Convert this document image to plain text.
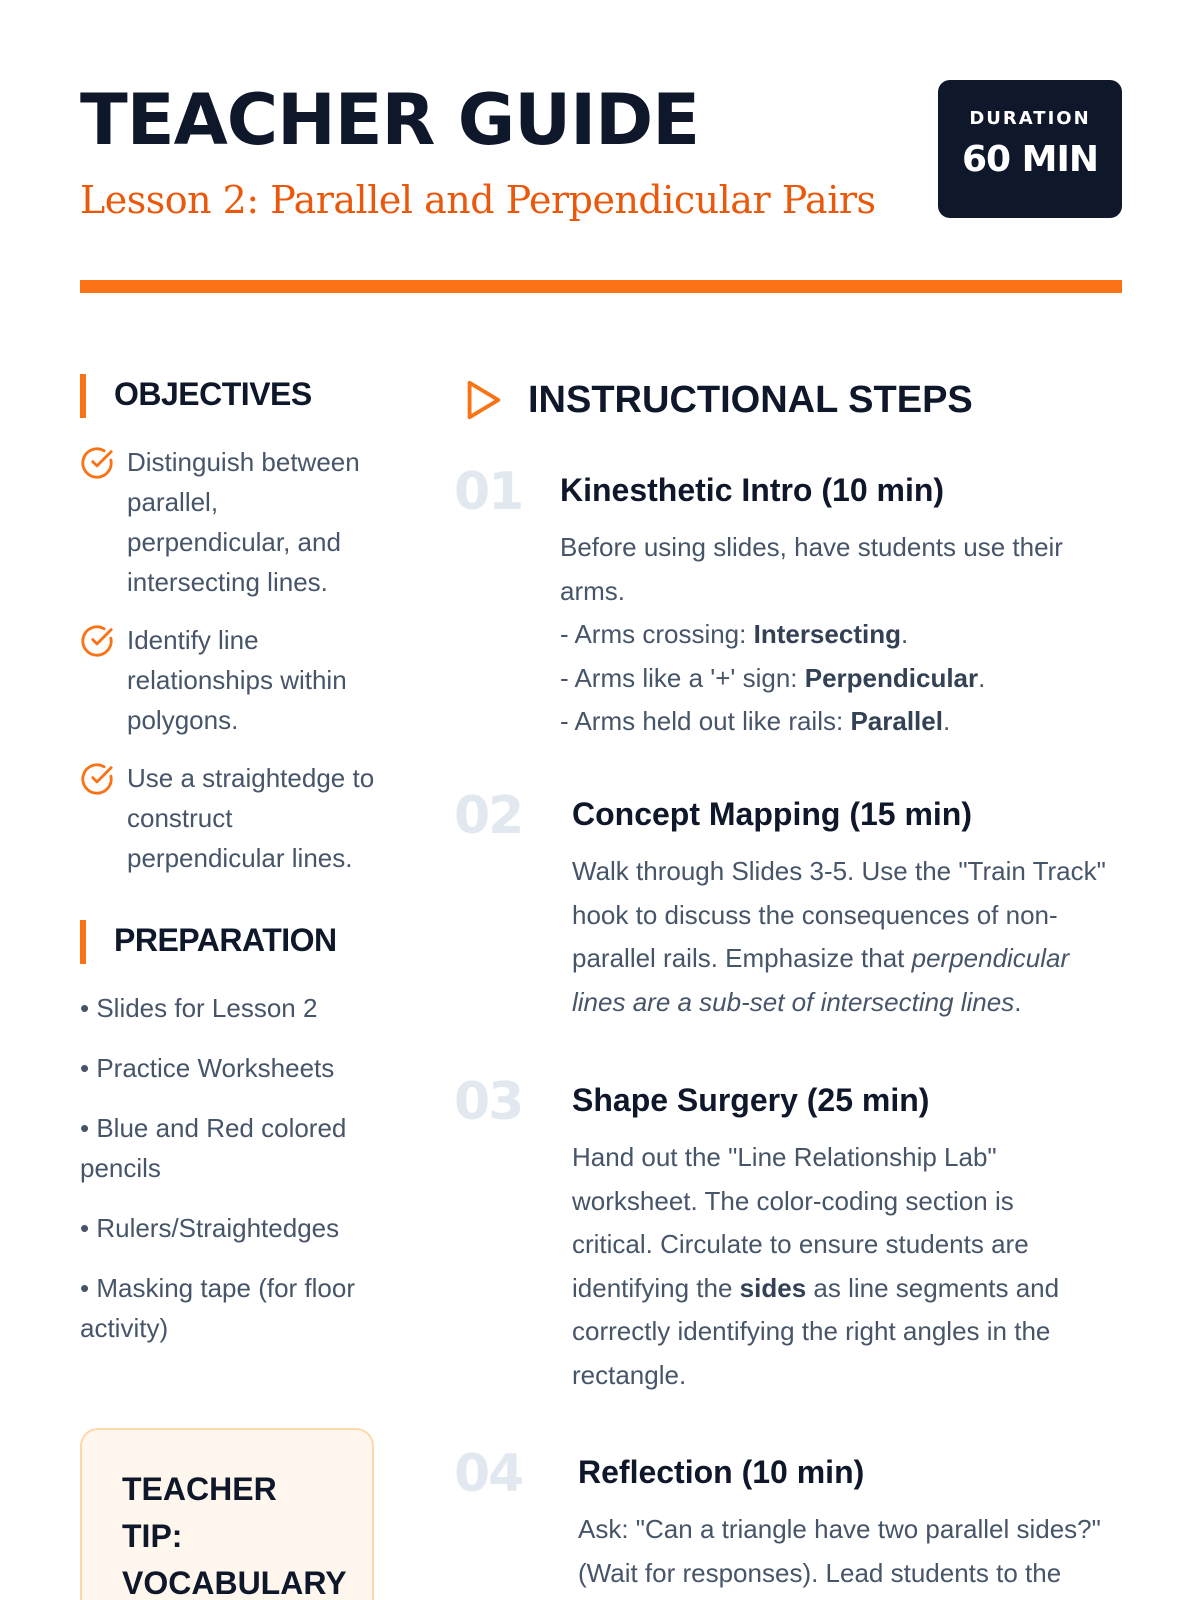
TEACHER GUIDE
Lesson 2: Parallel and Perpendicular Pairs
DURATION
60 MIN
OBJECTIVES
Distinguish between parallel, perpendicular, and intersecting lines.
Identify line relationships within polygons.
Use a straightedge to construct perpendicular lines.
PREPARATION
• Slides for Lesson 2
• Practice Worksheets
• Blue and Red colored pencils
• Rulers/Straightedges
• Masking tape (for floor activity)
TEACHER TIP: VOCABULARY
INSTRUCTIONAL STEPS
01 Kinesthetic Intro (10 min)

Before using slides, have students use their arms.
- Arms crossing: Intersecting.
- Arms like a '+' sign: Perpendicular.
- Arms held out like rails: Parallel.

02 Concept Mapping (15 min)

Walk through Slides 3-5. Use the "Train Track" hook to discuss the consequences of non-parallel rails. Emphasize that perpendicular lines are a sub-set of intersecting lines.

03 Shape Surgery (25 min)

Hand out the "Line Relationship Lab" worksheet. The color-coding section is critical. Circulate to ensure students are identifying the sides as line segments and correctly identifying the right angles in the rectangle.

04 Reflection (10 min)

Ask: "Can a triangle have two parallel sides?" (Wait for responses). Lead students to the
